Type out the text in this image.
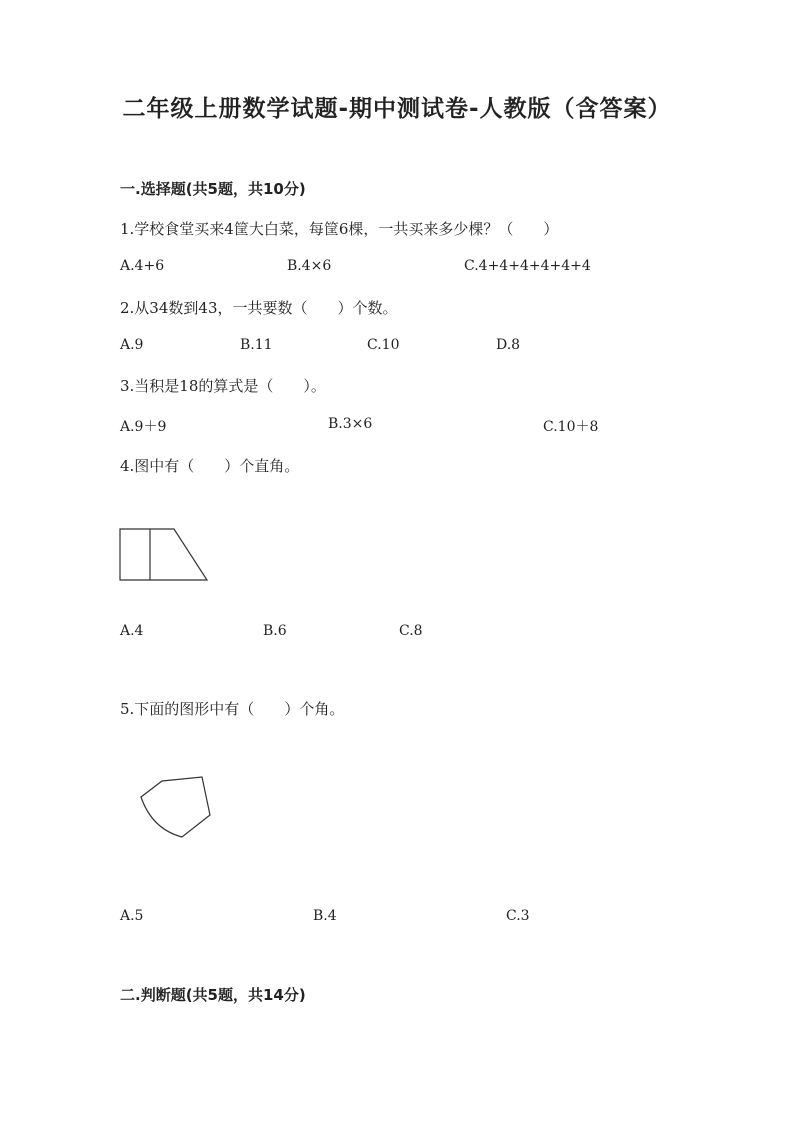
二年级上册数学试题-期中测试卷-人教版（含答案）
一.选择题(共5题，共10分)
1.学校食堂买来4筐大白菜，每筐6棵，一共买来多少棵？（　　）
A.4+6	B.4×6	C.4+4+4+4+4+4
2.从34数到43，一共要数（　　）个数。
A.9	B.11	C.10	D.8
3.当积是18的算式是（　　）。
A.9＋9	B.3×6	C.10＋8
4.图中有（　　）个直角。
A.4	B.6	C.8
5.下面的图形中有（　　）个角。
A.5	B.4	C.3
二.判断题(共5题，共14分)
